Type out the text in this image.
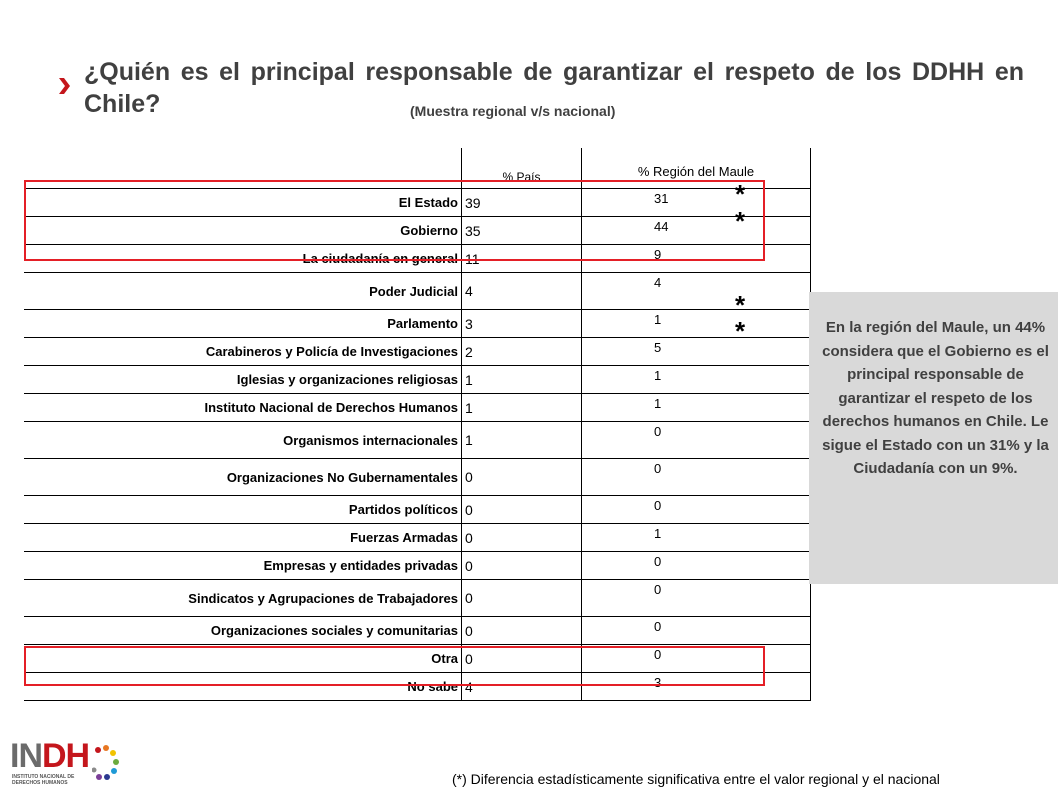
¿Quién es el principal responsable de garantizar el respeto de los DDHH en Chile?	(Muestra regional v/s nacional)
	% País	% Región del Maule
El Estado	39	31
Gobierno	35	44
La ciudadanía en general	11	9
Poder Judicial	4	4
Parlamento	3	1
Carabineros y Policía de Investigaciones	2	5
Iglesias y organizaciones religiosas	1	1
Instituto Nacional de Derechos Humanos	1	1
Organismos internacionales	1	0
Organizaciones No Gubernamentales	0	0
Partidos políticos	0	0
Fuerzas Armadas	0	1
Empresas y entidades privadas	0	0
Sindicatos y Agrupaciones de Trabajadores	0	0
Organizaciones sociales y comunitarias	0	0
Otra	0	0
No sabe	4	3
*
*
*
*	En la región del Maule, un 44% considera que el Gobierno es el principal responsable de garantizar el respeto de los derechos humanos en Chile. Le sigue el Estado con un 31% y la Ciudadanía con un 9%.
INDH
INSTITUTO NACIONAL DE
DERECHOS HUMANOS	(*) Diferencia estadísticamente significativa entre el valor regional y el nacional
